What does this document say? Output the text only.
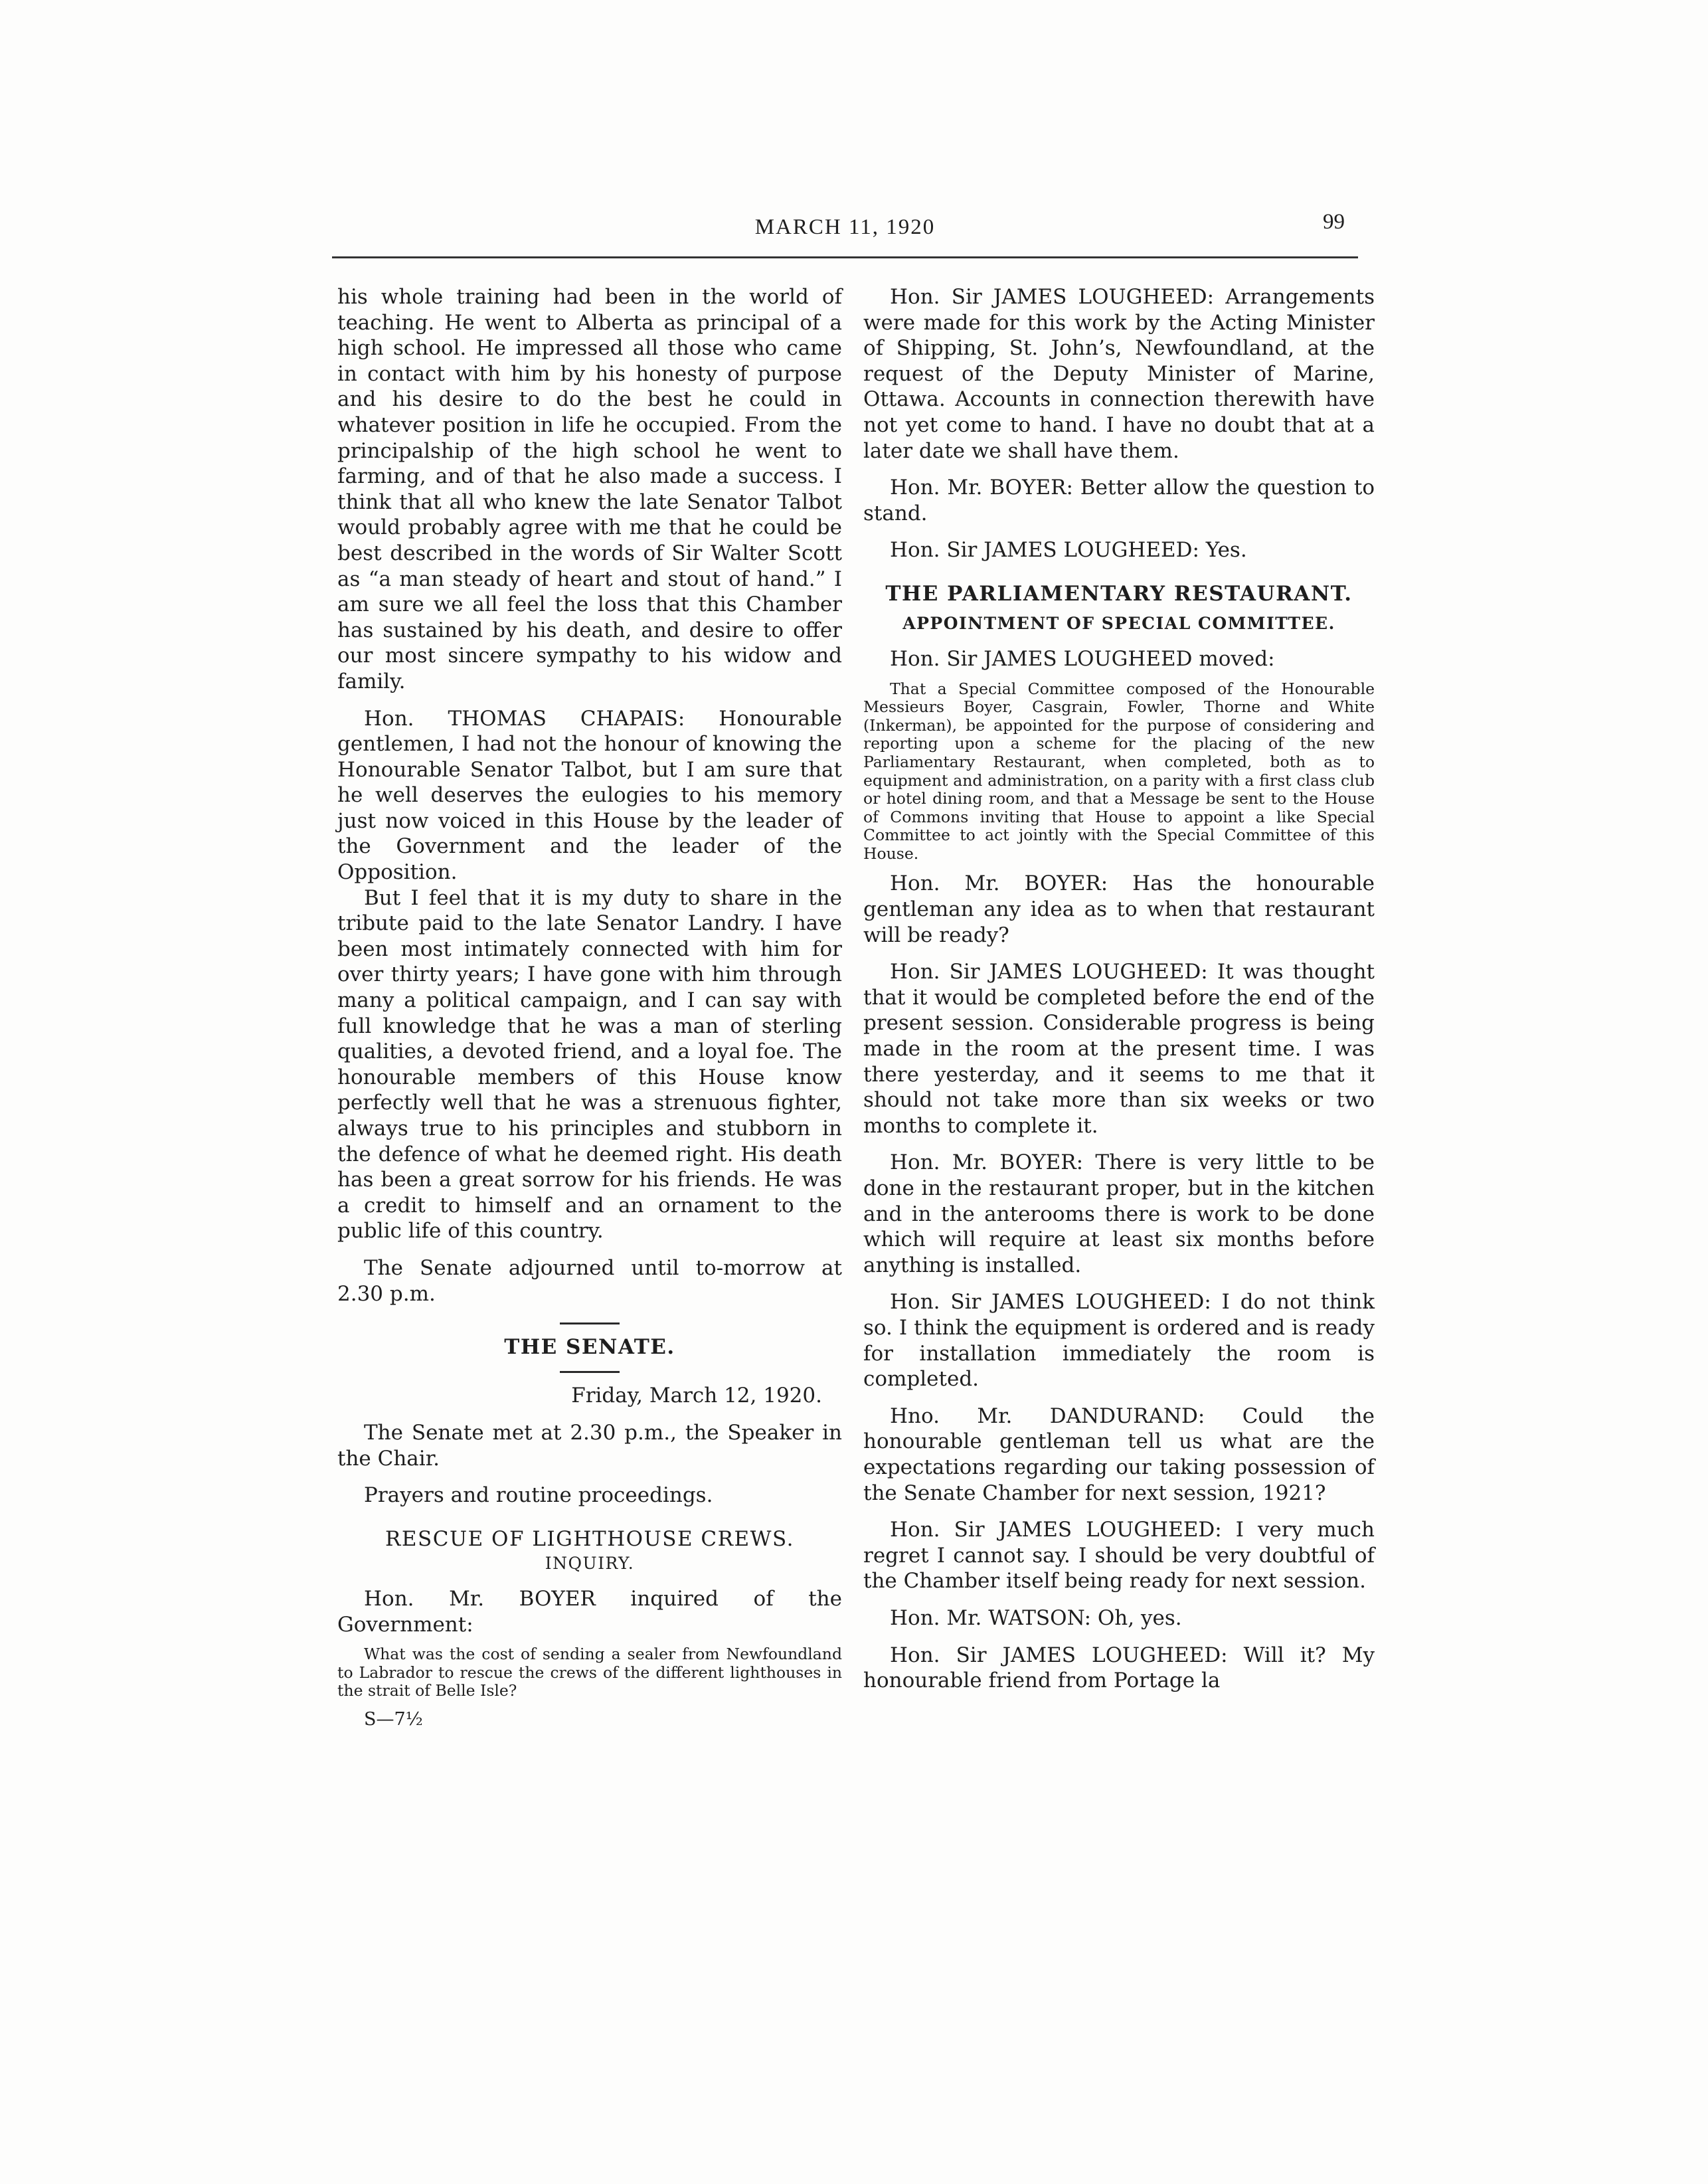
MARCH 11, 1920	99

his whole training had been in the world of teaching. He went to Alberta as principal of a high school. He impressed all those who came in contact with him by his honesty of purpose and his desire to do the best he could in whatever position in life he occupied. From the principalship of the high school he went to farming, and of that he also made a success. I think that all who knew the late Senator Talbot would probably agree with me that he could be best described in the words of Sir Walter Scott as “a man steady of heart and stout of hand.” I am sure we all feel the loss that this Chamber has sustained by his death, and desire to offer our most sincere sympathy to his widow and family.

Hon. THOMAS CHAPAIS: Honourable gentlemen, I had not the honour of knowing the Honourable Senator Talbot, but I am sure that he well deserves the eulogies to his memory just now voiced in this House by the leader of the Government and the leader of the Opposition.

But I feel that it is my duty to share in the tribute paid to the late Senator Landry. I have been most intimately connected with him for over thirty years; I have gone with him through many a political campaign, and I can say with full knowledge that he was a man of sterling qualities, a devoted friend, and a loyal foe. The honourable members of this House know perfectly well that he was a strenuous fighter, always true to his principles and stubborn in the defence of what he deemed right. His death has been a great sorrow for his friends. He was a credit to himself and an ornament to the public life of this country.

The Senate adjourned until to-morrow at 2.30 p.m.

THE SENATE.
Friday, March 12, 1920.

The Senate met at 2.30 p.m., the Speaker in the Chair.

Prayers and routine proceedings.

RESCUE OF LIGHTHOUSE CREWS.
INQUIRY.

Hon. Mr. BOYER inquired of the Government:

What was the cost of sending a sealer from Newfoundland to Labrador to rescue the crews of the different lighthouses in the strait of Belle Isle?

S—7½

Hon. Sir JAMES LOUGHEED: Arrangements were made for this work by the Acting Minister of Shipping, St. John’s, Newfoundland, at the request of the Deputy Minister of Marine, Ottawa. Accounts in connection therewith have not yet come to hand. I have no doubt that at a later date we shall have them.

Hon. Mr. BOYER: Better allow the question to stand.

Hon. Sir JAMES LOUGHEED: Yes.

THE PARLIAMENTARY RESTAURANT.
APPOINTMENT OF SPECIAL COMMITTEE.

Hon. Sir JAMES LOUGHEED moved:

That a Special Committee composed of the Honourable Messieurs Boyer, Casgrain, Fowler, Thorne and White (Inkerman), be appointed for the purpose of considering and reporting upon a scheme for the placing of the new Parliamentary Restaurant, when completed, both as to equipment and administration, on a parity with a first class club or hotel dining room, and that a Message be sent to the House of Commons inviting that House to appoint a like Special Committee to act jointly with the Special Committee of this House.

Hon. Mr. BOYER: Has the honourable gentleman any idea as to when that restaurant will be ready?

Hon. Sir JAMES LOUGHEED: It was thought that it would be completed before the end of the present session. Considerable progress is being made in the room at the present time. I was there yesterday, and it seems to me that it should not take more than six weeks or two months to complete it.

Hon. Mr. BOYER: There is very little to be done in the restaurant proper, but in the kitchen and in the anterooms there is work to be done which will require at least six months before anything is installed.

Hon. Sir JAMES LOUGHEED: I do not think so. I think the equipment is ordered and is ready for installation immediately the room is completed.

Hno. Mr. DANDURAND: Could the honourable gentleman tell us what are the expectations regarding our taking possession of the Senate Chamber for next session, 1921?

Hon. Sir JAMES LOUGHEED: I very much regret I cannot say. I should be very doubtful of the Chamber itself being ready for next session.

Hon. Mr. WATSON: Oh, yes.

Hon. Sir JAMES LOUGHEED: Will it? My honourable friend from Portage la
